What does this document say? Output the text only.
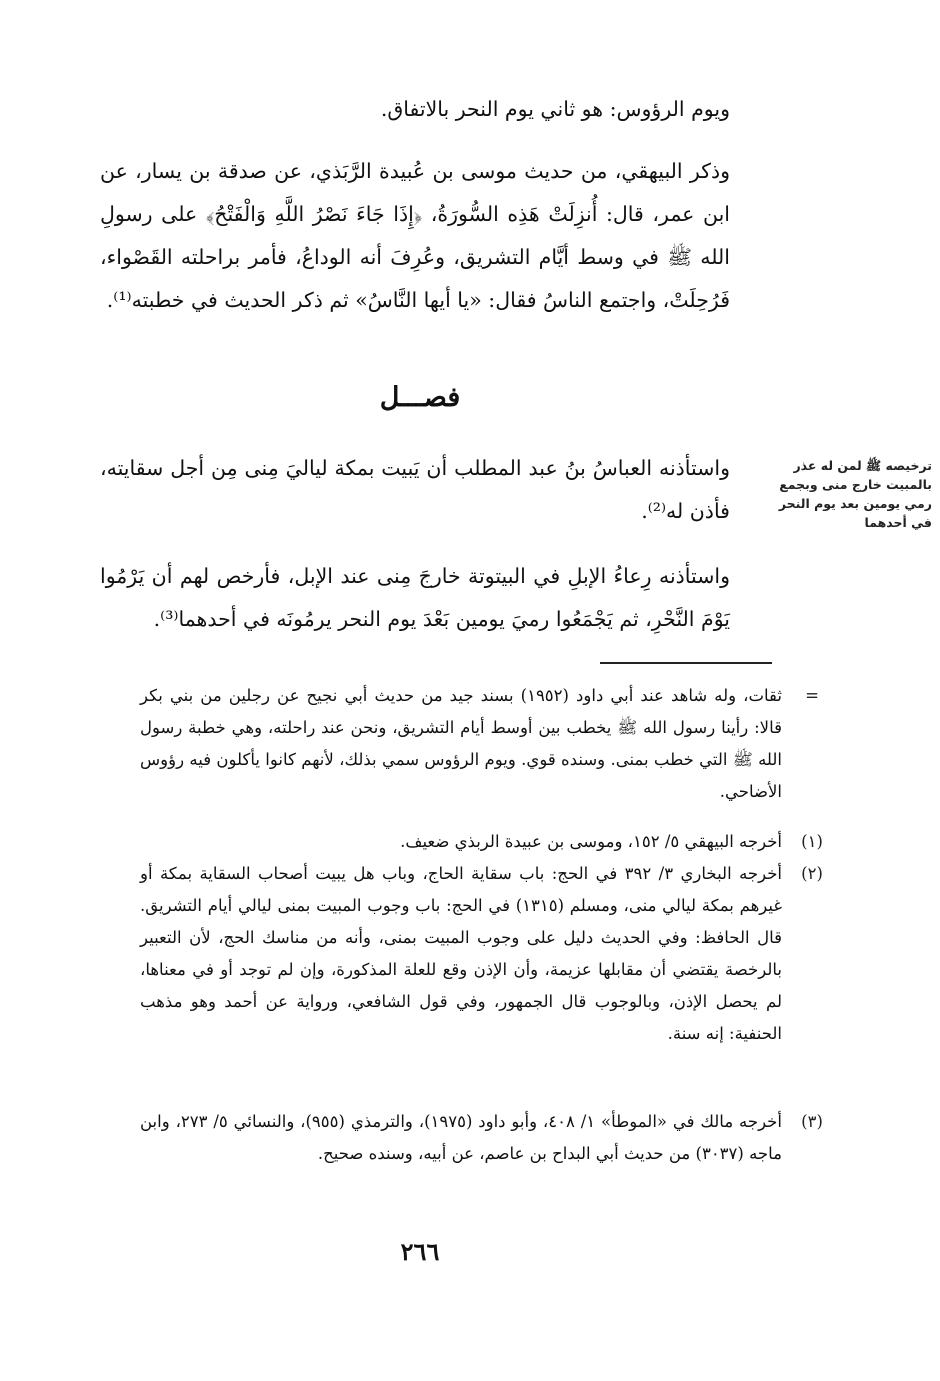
ويوم الرؤوس: هو ثاني يوم النحر بالاتفاق.

وذكر البيهقي، من حديث موسى بن عُبيدة الرَّبَذي، عن صدقة بن يسار، عن ابن عمر، قال: أُنزِلَتْ هَذِه السُّورَةُ، ﴿إِذَا جَاءَ نَصْرُ اللَّهِ وَالْفَتْحُ﴾ على رسولِ الله ﷺ في وسط أيَّام التشريق، وعُرِفَ أنه الوداعُ، فأمر براحلته القَصْواء، فَرُحِلَتْ، واجتمع الناسُ فقال: «يا أيها النَّاسُ» ثم ذكر الحديث في خطبته⁽¹⁾.

فصـــل

واستأذنه العباسُ بنُ عبد المطلب أن يَبيت بمكة لياليَ مِنى مِن أجل سقايته، فأذن له⁽²⁾.

واستأذنه رِعاءُ الإبلِ في البيتوتة خارجَ مِنى عند الإبل، فأرخص لهم أن يَرْمُوا يَوْمَ النَّحْرِ، ثم يَجْمَعُوا رميَ يومين بَعْدَ يوم النحر يرمُونَه في أحدهما⁽³⁾.

ترخيصه ﷺ لمن له عذر بالمبيت خارج منى وبجمع رمي يومين بعد يوم النحر في أحدهما
=
ثقات، وله شاهد عند أبي داود (١٩٥٢) بسند جيد من حديث أبي نجيح عن رجلين من بني بكر قالا: رأينا رسول الله ﷺ يخطب بين أوسط أيام التشريق، ونحن عند راحلته، وهي خطبة رسول الله ﷺ التي خطب بمنى. وسنده قوي. ويوم الرؤوس سمي بذلك، لأنهم كانوا يأكلون فيه رؤوس الأضاحي.
(١)
أخرجه البيهقي ٥/ ١٥٢، وموسى بن عبيدة الربذي ضعيف.
(٢)
أخرجه البخاري ٣/ ٣٩٢ في الحج: باب سقاية الحاج، وباب هل يبيت أصحاب السقاية بمكة أو غيرهم بمكة ليالي منى، ومسلم (١٣١٥) في الحج: باب وجوب المبيت بمنى ليالي أيام التشريق. قال الحافظ: وفي الحديث دليل على وجوب المبيت بمنى، وأنه من مناسك الحج، لأن التعبير بالرخصة يقتضي أن مقابلها عزيمة، وأن الإذن وقع للعلة المذكورة، وإن لم توجد أو في معناها، لم يحصل الإذن، وبالوجوب قال الجمهور، وفي قول الشافعي، ورواية عن أحمد وهو مذهب الحنفية: إنه سنة.
(٣)
أخرجه مالك في «الموطأ» ١/ ٤٠٨، وأبو داود (١٩٧٥)، والترمذي (٩٥٥)، والنسائي ٥/ ٢٧٣، وابن ماجه (٣٠٣٧) من حديث أبي البداح بن عاصم، عن أبيه، وسنده صحيح.
٢٦٦
